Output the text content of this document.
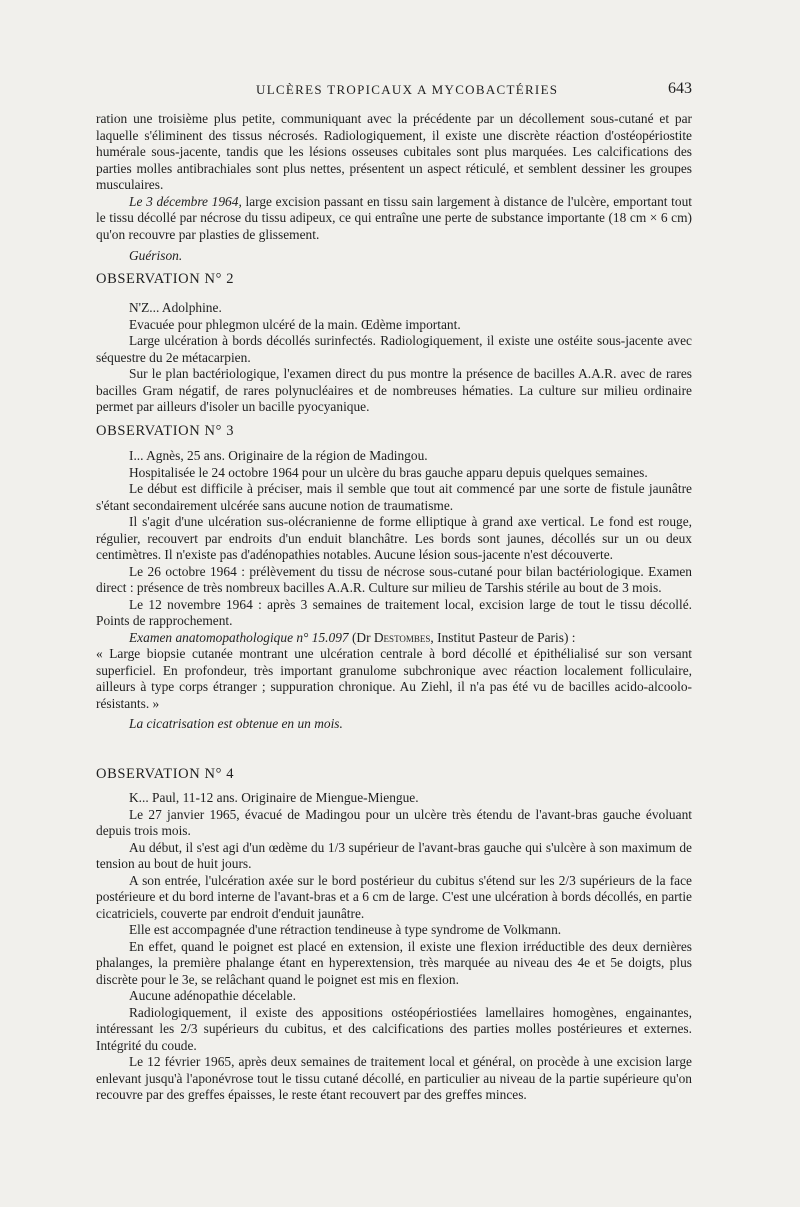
ULCÈRES TROPICAUX A MYCOBACTÉRIES	643

ration une troisième plus petite, communiquant avec la précédente par un décollement sous-cutané et par laquelle s'éliminent des tissus nécrosés. Radiologiquement, il existe une discrète réaction d'ostéopériostite humérale sous-jacente, tandis que les lésions osseuses cubitales sont plus marquées. Les calcifications des parties molles antibrachiales sont plus nettes, présentent un aspect réticulé, et semblent dessiner les groupes musculaires.

Le 3 décembre 1964, large excision passant en tissu sain largement à distance de l'ulcère, emportant tout le tissu décollé par nécrose du tissu adipeux, ce qui entraîne une perte de substance importante (18 cm × 6 cm) qu'on recouvre par plasties de glissement.

Guérison.

OBSERVATION N° 2

N'Z... Adolphine.

Evacuée pour phlegmon ulcéré de la main. Œdème important.

Large ulcération à bords décollés surinfectés. Radiologiquement, il existe une ostéite sous-jacente avec séquestre du 2e métacarpien.

Sur le plan bactériologique, l'examen direct du pus montre la présence de bacilles A.A.R. avec de rares bacilles Gram négatif, de rares polynucléaires et de nombreuses hématies. La culture sur milieu ordinaire permet par ailleurs d'isoler un bacille pyocyanique.

OBSERVATION N° 3

I... Agnès, 25 ans. Originaire de la région de Madingou.

Hospitalisée le 24 octobre 1964 pour un ulcère du bras gauche apparu depuis quelques semaines.

Le début est difficile à préciser, mais il semble que tout ait commencé par une sorte de fistule jaunâtre s'étant secondairement ulcérée sans aucune notion de traumatisme.

Il s'agit d'une ulcération sus-olécranienne de forme elliptique à grand axe vertical. Le fond est rouge, régulier, recouvert par endroits d'un enduit blanchâtre. Les bords sont jaunes, décollés sur un ou deux centimètres. Il n'existe pas d'adénopathies notables. Aucune lésion sous-jacente n'est découverte.

Le 26 octobre 1964 : prélèvement du tissu de nécrose sous-cutané pour bilan bactériologique. Examen direct : présence de très nombreux bacilles A.A.R. Culture sur milieu de Tarshis stérile au bout de 3 mois.

Le 12 novembre 1964 : après 3 semaines de traitement local, excision large de tout le tissu décollé. Points de rapprochement.

Examen anatomopathologique n° 15.097 (Dr Destombes, Institut Pasteur de Paris) :

« Large biopsie cutanée montrant une ulcération centrale à bord décollé et épithélialisé sur son versant superficiel. En profondeur, très important granulome subchronique avec réaction localement folliculaire, ailleurs à type corps étranger ; suppuration chronique. Au Ziehl, il n'a pas été vu de bacilles acido-alcoolo-résistants. »

La cicatrisation est obtenue en un mois.

OBSERVATION N° 4

K... Paul, 11-12 ans. Originaire de Miengue-Miengue.

Le 27 janvier 1965, évacué de Madingou pour un ulcère très étendu de l'avant-bras gauche évoluant depuis trois mois.

Au début, il s'est agi d'un œdème du 1/3 supérieur de l'avant-bras gauche qui s'ulcère à son maximum de tension au bout de huit jours.

A son entrée, l'ulcération axée sur le bord postérieur du cubitus s'étend sur les 2/3 supérieurs de la face postérieure et du bord interne de l'avant-bras et a 6 cm de large. C'est une ulcération à bords décollés, en partie cicatriciels, couverte par endroit d'enduit jaunâtre.

Elle est accompagnée d'une rétraction tendineuse à type syndrome de Volkmann.

En effet, quand le poignet est placé en extension, il existe une flexion irréductible des deux dernières phalanges, la première phalange étant en hyperextension, très marquée au niveau des 4e et 5e doigts, plus discrète pour le 3e, se relâchant quand le poignet est mis en flexion.

Aucune adénopathie décelable.

Radiologiquement, il existe des appositions ostéopériostiées lamellaires homogènes, engainantes, intéressant les 2/3 supérieurs du cubitus, et des calcifications des parties molles postérieures et externes. Intégrité du coude.

Le 12 février 1965, après deux semaines de traitement local et général, on procède à une excision large enlevant jusqu'à l'aponévrose tout le tissu cutané décollé, en particulier au niveau de la partie supérieure qu'on recouvre par des greffes épaisses, le reste étant recouvert par des greffes minces.
